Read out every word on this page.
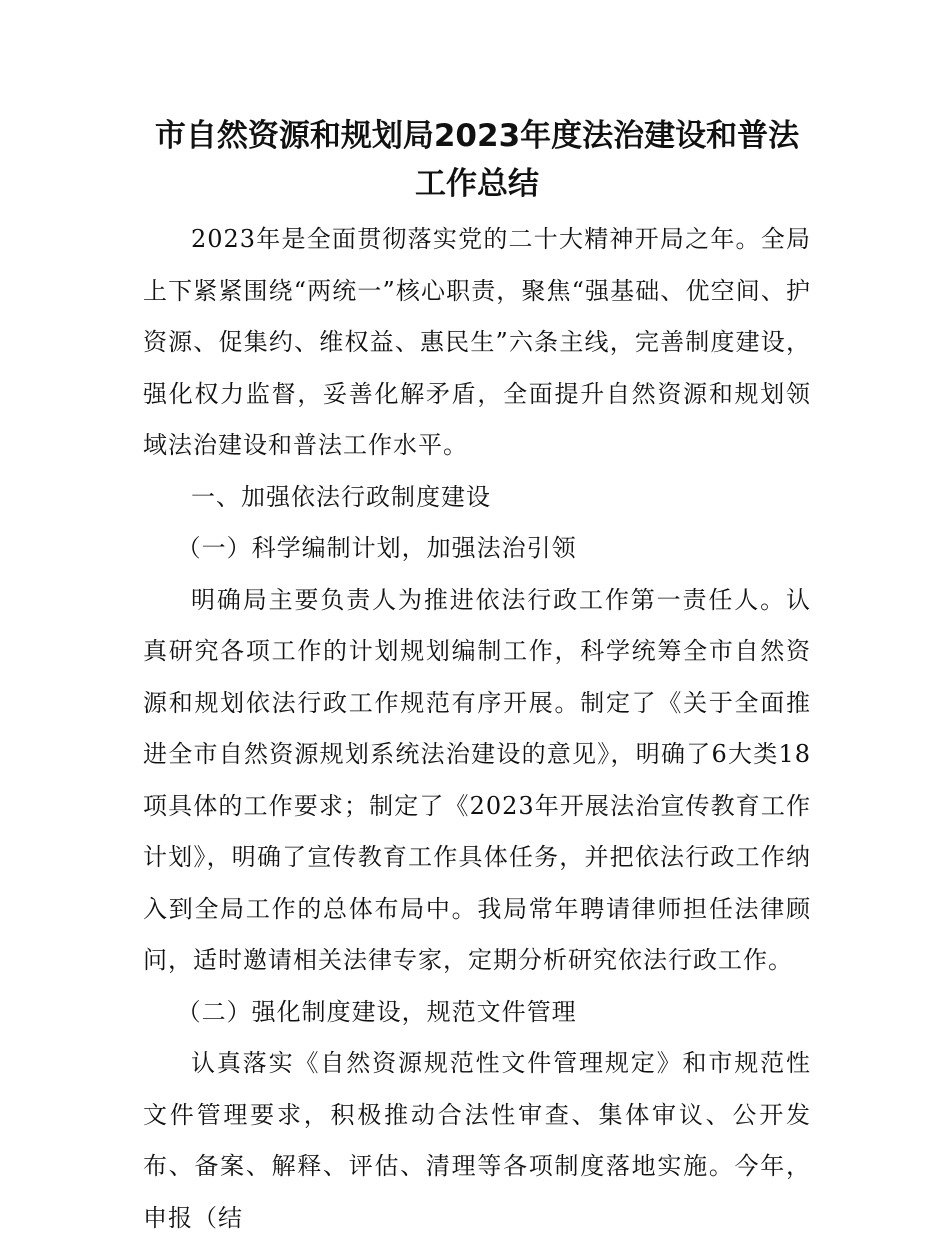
市自然资源和规划局2023年度法治建设和普法
工作总结

2023年是全面贯彻落实党的二十大精神开局之年。全局上下紧紧围绕“两统一”核心职责，聚焦“强基础、优空间、护资源、促集约、维权益、惠民生”六条主线，完善制度建设，强化权力监督，妥善化解矛盾，全面提升自然资源和规划领域法治建设和普法工作水平。

一、加强依法行政制度建设

（一）科学编制计划，加强法治引领

明确局主要负责人为推进依法行政工作第一责任人。认真研究各项工作的计划规划编制工作，科学统筹全市自然资源和规划依法行政工作规范有序开展。制定了《关于全面推进全市自然资源规划系统法治建设的意见》，明确了6大类18项具体的工作要求；制定了《2023年开展法治宣传教育工作计划》，明确了宣传教育工作具体任务，并把依法行政工作纳入到全局工作的总体布局中。我局常年聘请律师担任法律顾问，适时邀请相关法律专家，定期分析研究依法行政工作。

（二）强化制度建设，规范文件管理

认真落实《自然资源规范性文件管理规定》和市规范性文件管理要求，积极推动合法性审查、集体审议、公开发布、备案、解释、评估、清理等各项制度落地实施。今年，申报（结
